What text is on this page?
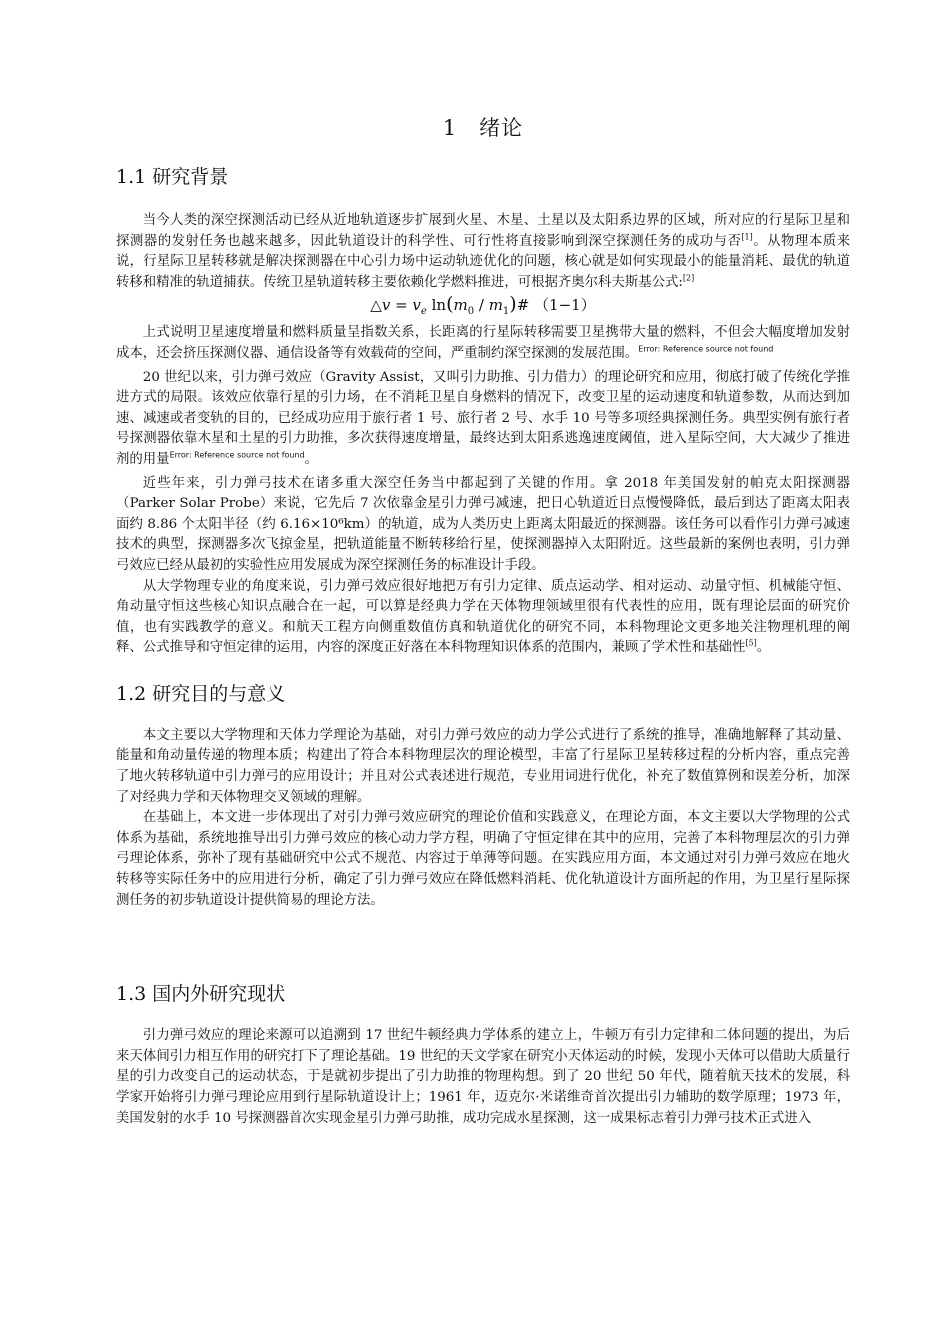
1　绪论
1.1 研究背景

当今人类的深空探测活动已经从近地轨道逐步扩展到火星、木星、土星以及太阳系边界的区域，所对应的行星际卫星和探测器的发射任务也越来越多，因此轨道设计的科学性、可行性将直接影响到深空探测任务的成功与否[1]。从物理本质来说，行星际卫星转移就是解决探测器在中心引力场中运动轨迹优化的问题，核心就是如何实现最小的能量消耗、最优的轨道转移和精准的轨道捕获。传统卫星轨道转移主要依赖化学燃料推进，可根据齐奥尔科夫斯基公式:[2]

△v = $v_e$ $\ln(m_0$ / $m_1)\#$ （1−1）

上式说明卫星速度增量和燃料质量呈指数关系，长距离的行星际转移需要卫星携带大量的燃料，不但会大幅度增加发射成本，还会挤压探测仪器、通信设备等有效载荷的空间，严重制约深空探测的发展范围。$^{Error: Reference source not found}$

20 世纪以来，引力弹弓效应（Gravity Assist，又叫引力助推、引力借力）的理论研究和应用，彻底打破了传统化学推进方式的局限。该效应依靠行星的引力场，在不消耗卫星自身燃料的情况下，改变卫星的运动速度和轨道参数，从而达到加速、减速或者变轨的目的，已经成功应用于旅行者 1 号、旅行者 2 号、水手 10 号等多项经典探测任务。典型实例有旅行者号探测器依靠木星和土星的引力助推，多次获得速度增量，最终达到太阳系逃逸速度阈值，进入星际空间，大大减少了推进剂的用量$^{Error: Reference source not found}$。

近些年来，引力弹弓技术在诸多重大深空任务当中都起到了关键的作用。拿 2018 年美国发射的帕克太阳探测器（Parker Solar Probe）来说，它先后 7 次依靠金星引力弹弓减速，把日心轨道近日点慢慢降低，最后到达了距离太阳表面约 8.86 个太阳半径（约 6.16×10⁶km）的轨道，成为人类历史上距离太阳最近的探测器。该任务可以看作引力弹弓减速技术的典型，探测器多次飞掠金星，把轨道能量不断转移给行星，使探测器掉入太阳附近。这些最新的案例也表明，引力弹弓效应已经从最初的实验性应用发展成为深空探测任务的标准设计手段。

从大学物理专业的角度来说，引力弹弓效应很好地把万有引力定律、质点运动学、相对运动、动量守恒、机械能守恒、角动量守恒这些核心知识点融合在一起，可以算是经典力学在天体物理领域里很有代表性的应用，既有理论层面的研究价值，也有实践教学的意义。和航天工程方向侧重数值仿真和轨道优化的研究不同，本科物理论文更多地关注物理机理的阐释、公式推导和守恒定律的运用，内容的深度正好落在本科物理知识体系的范围内，兼顾了学术性和基础性[5]。

1.2 研究目的与意义

本文主要以大学物理和天体力学理论为基础，对引力弹弓效应的动力学公式进行了系统的推导，准确地解释了其动量、能量和角动量传递的物理本质；构建出了符合本科物理层次的理论模型，丰富了行星际卫星转移过程的分析内容，重点完善了地火转移轨道中引力弹弓的应用设计；并且对公式表述进行规范，专业用词进行优化，补充了数值算例和误差分析，加深了对经典力学和天体物理交叉领域的理解。

在基础上，本文进一步体现出了对引力弹弓效应研究的理论价值和实践意义，在理论方面，本文主要以大学物理的公式体系为基础，系统地推导出引力弹弓效应的核心动力学方程，明确了守恒定律在其中的应用，完善了本科物理层次的引力弹弓理论体系，弥补了现有基础研究中公式不规范、内容过于单薄等问题。在实践应用方面，本文通过对引力弹弓效应在地火转移等实际任务中的应用进行分析，确定了引力弹弓效应在降低燃料消耗、优化轨道设计方面所起的作用，为卫星行星际探测任务的初步轨道设计提供简易的理论方法。

1.3 国内外研究现状

引力弹弓效应的理论来源可以追溯到 17 世纪牛顿经典力学体系的建立上，牛顿万有引力定律和二体问题的提出，为后来天体间引力相互作用的研究打下了理论基础。19 世纪的天文学家在研究小天体运动的时候，发现小天体可以借助大质量行星的引力改变自己的运动状态，于是就初步提出了引力助推的物理构想。到了 20 世纪 50 年代，随着航天技术的发展，科学家开始将引力弹弓理论应用到行星际轨道设计上；1961 年，迈克尔·米诺维奇首次提出引力辅助的数学原理；1973 年，美国发射的水手 10 号探测器首次实现金星引力弹弓助推，成功完成水星探测，这一成果标志着引力弹弓技术正式进入
